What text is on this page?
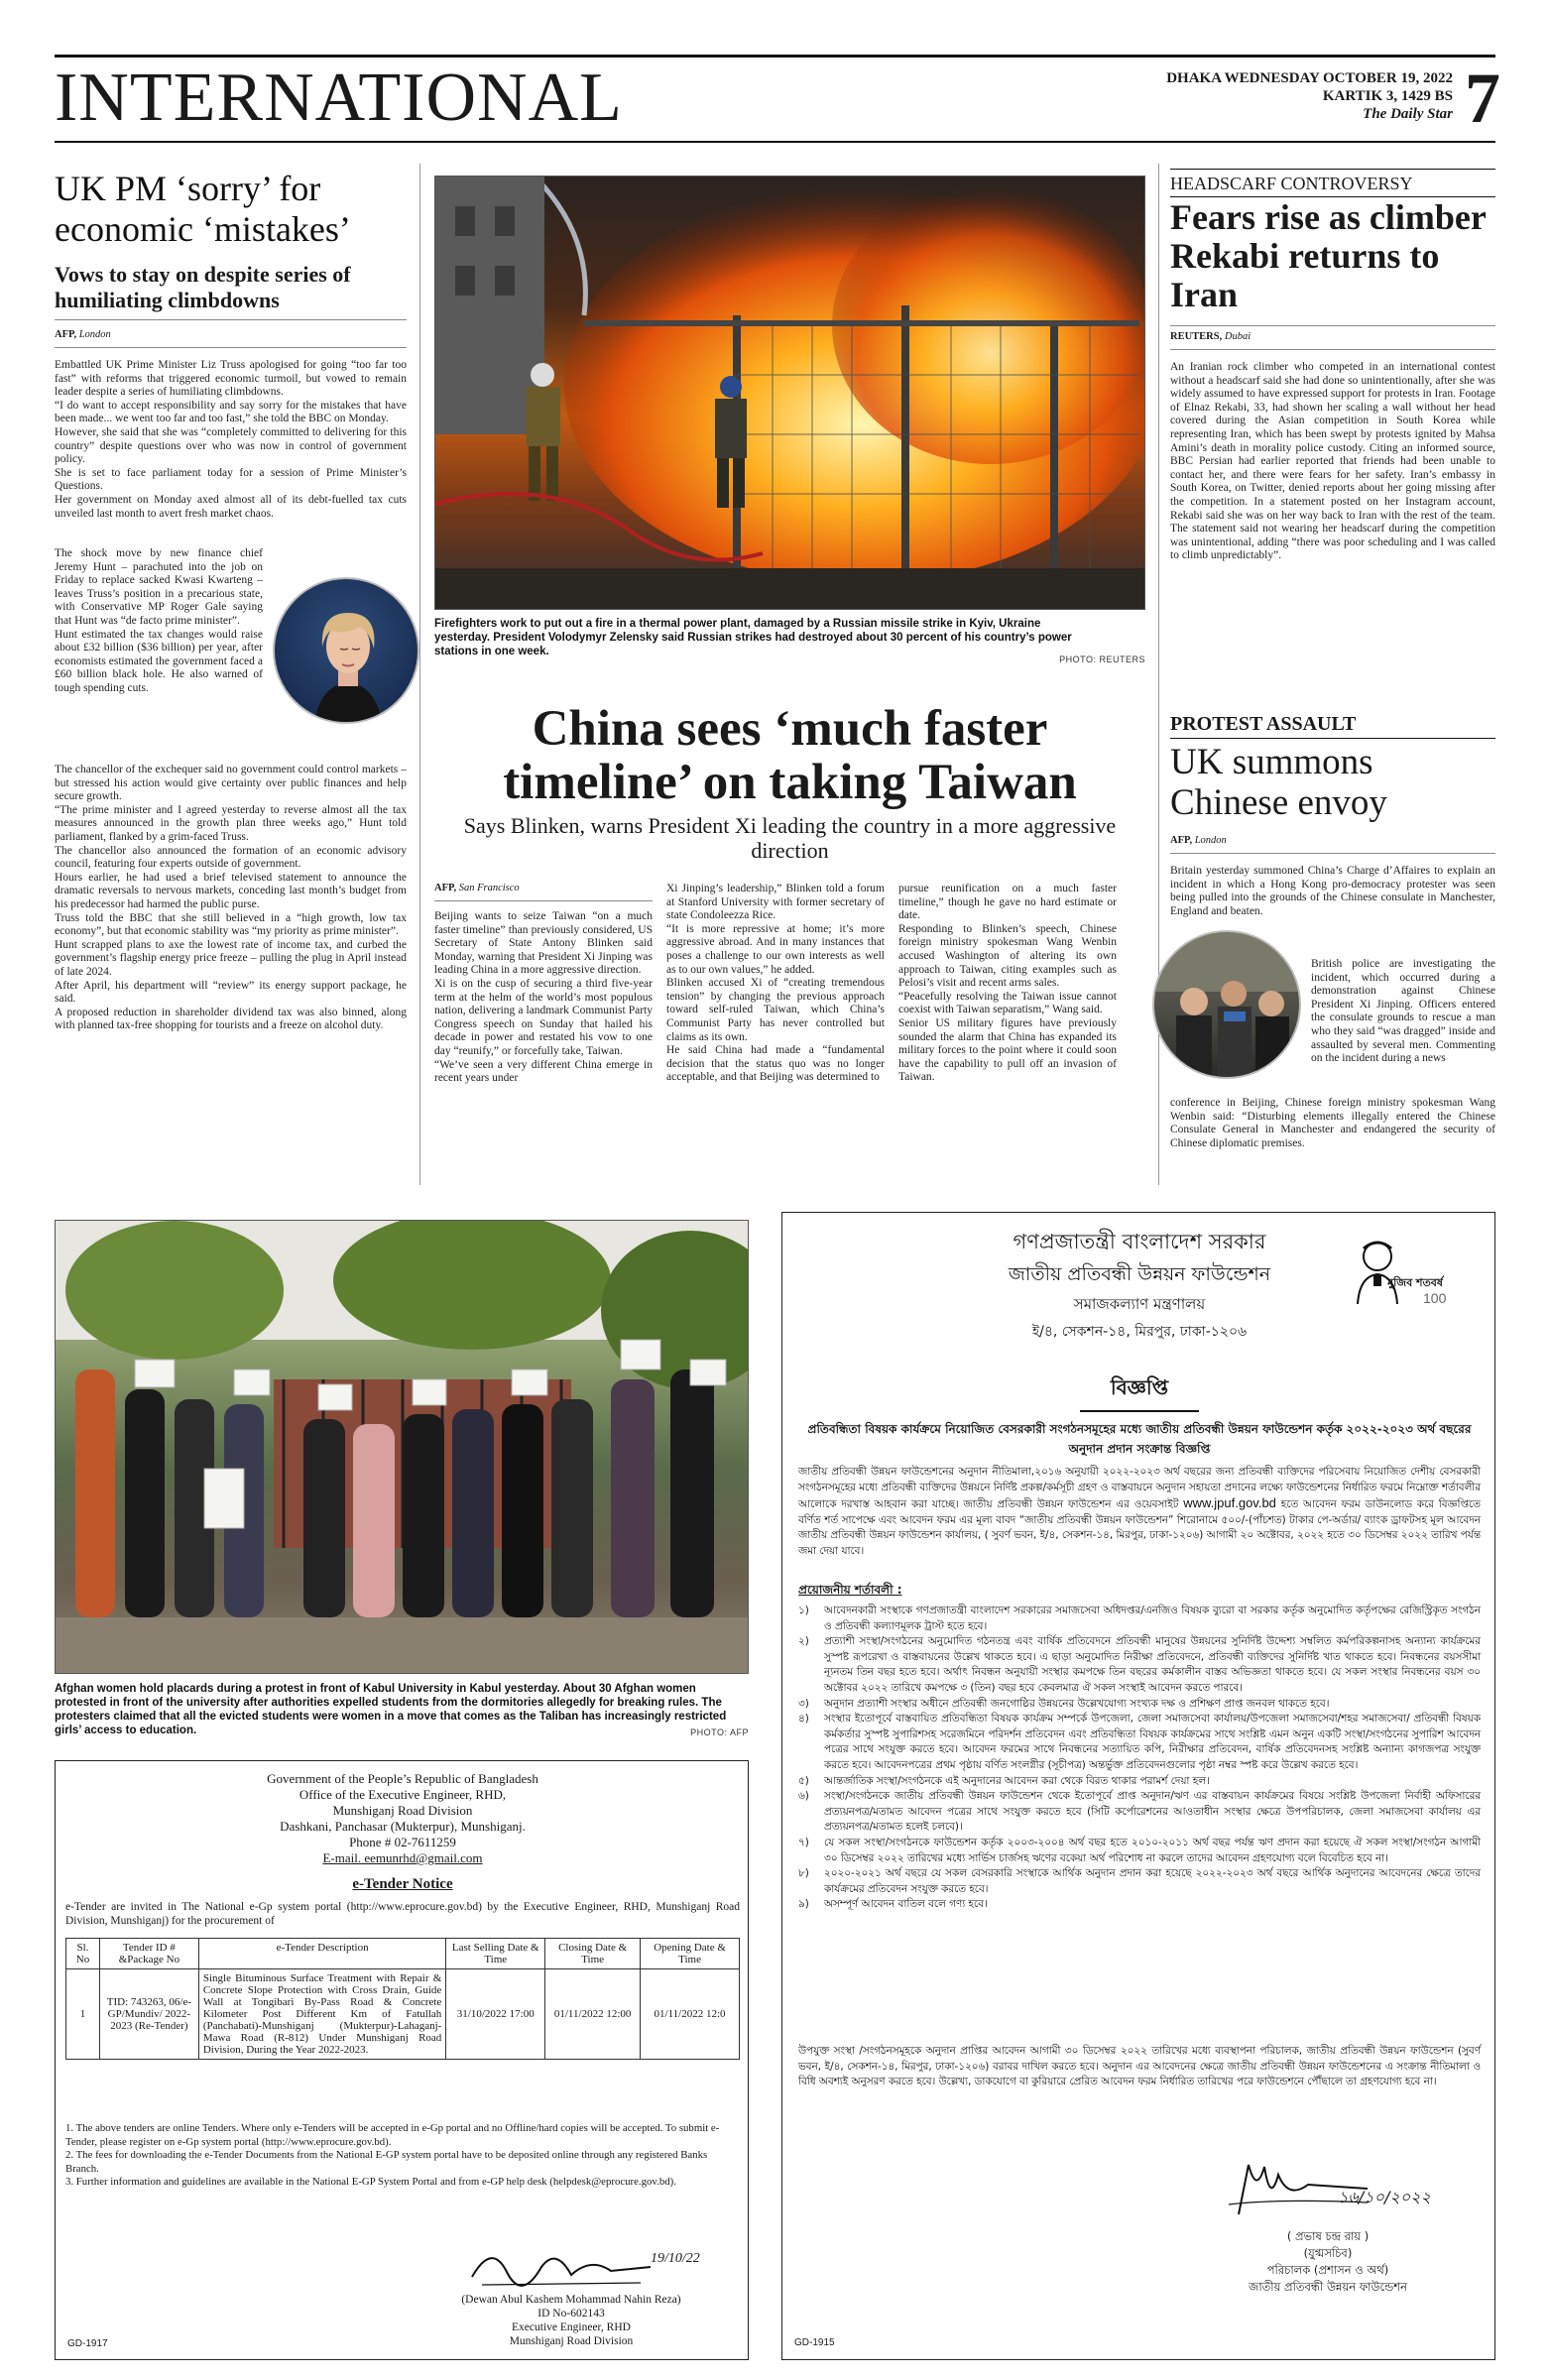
INTERNATIONAL	DHAKA WEDNESDAY OCTOBER 19, 2022
KARTIK 3, 1429 BS
The Daily Star 7
UK PM ‘sorry’ for economic ‘mistakes’
Vows to stay on despite series of humiliating climbdowns
AFP, London

Embattled UK Prime Minister Liz Truss apologised for going “too far too fast” with reforms that triggered economic turmoil, but vowed to remain leader despite a series of humiliating climbdowns.

“I do want to accept responsibility and say sorry for the mistakes that have been made... we went too far and too fast,” she told the BBC on Monday.

However, she said that she was “completely committed to delivering for this country” despite questions over who was now in control of government policy.

She is set to face parliament today for a session of Prime Minister’s Questions.

Her government on Monday axed almost all of its debt-fuelled tax cuts unveiled last month to avert fresh market chaos.

The shock move by new finance chief Jeremy Hunt – parachuted into the job on Friday to replace sacked Kwasi Kwarteng – leaves Truss’s position in a precarious state, with Conservative MP Roger Gale saying that Hunt was “de facto prime minister”.

Hunt estimated the tax changes would raise about £32 billion ($36 billion) per year, after economists estimated the government faced a £60 billion black hole. He also warned of tough spending cuts.

The chancellor of the exchequer said no government could control markets – but stressed his action would give certainty over public finances and help secure growth.

“The prime minister and I agreed yesterday to reverse almost all the tax measures announced in the growth plan three weeks ago,” Hunt told parliament, flanked by a grim-faced Truss.

The chancellor also announced the formation of an economic advisory council, featuring four experts outside of government.

Hours earlier, he had used a brief televised statement to announce the dramatic reversals to nervous markets, conceding last month’s budget from his predecessor had harmed the public purse.

Truss told the BBC that she still believed in a “high growth, low tax economy”, but that economic stability was “my priority as prime minister”.

Hunt scrapped plans to axe the lowest rate of income tax, and curbed the government’s flagship energy price freeze – pulling the plug in April instead of late 2024.

After April, his department will “review” its energy support package, he said.

A proposed reduction in shareholder dividend tax was also binned, along with planned tax-free shopping for tourists and a freeze on alcohol duty.

Firefighters work to put out a fire in a thermal power plant, damaged by a Russian missile strike in Kyiv, Ukraine yesterday. President Volodymyr Zelensky said Russian strikes had destroyed about 30 percent of his country’s power stations in one week.
PHOTO: REUTERS
China sees ‘much faster timeline’ on taking Taiwan
Says Blinken, warns President Xi leading the country in a more aggressive direction
AFP, San Francisco

Beijing wants to seize Taiwan “on a much faster timeline” than previously considered, US Secretary of State Antony Blinken said Monday, warning that President Xi Jinping was leading China in a more aggressive direction.

Xi is on the cusp of securing a third five-year term at the helm of the world’s most populous nation, delivering a landmark Communist Party Congress speech on Sunday that hailed his decade in power and restated his vow to one day “reunify,” or forcefully take, Taiwan.

“We’ve seen a very different China emerge in recent years under

Xi Jinping’s leadership,” Blinken told a forum at Stanford University with former secretary of state Condoleezza Rice.

“It is more repressive at home; it’s more aggressive abroad. And in many instances that poses a challenge to our own interests as well as to our own values,” he added.

Blinken accused Xi of “creating tremendous tension” by changing the previous approach toward self-ruled Taiwan, which China’s Communist Party has never controlled but claims as its own.

He said China had made a “fundamental decision that the status quo was no longer acceptable, and that Beijing was determined to

pursue reunification on a much faster timeline,” though he gave no hard estimate or date.

Responding to Blinken’s speech, Chinese foreign ministry spokesman Wang Wenbin accused Washington of altering its own approach to Taiwan, citing examples such as Pelosi’s visit and recent arms sales.

“Peacefully resolving the Taiwan issue cannot coexist with Taiwan separatism,” Wang said.

Senior US military figures have previously sounded the alarm that China has expanded its military forces to the point where it could soon have the capability to pull off an invasion of Taiwan.

HEADSCARF CONTROVERSY
Fears rise as climber Rekabi returns to Iran
REUTERS, Dubai
An Iranian rock climber who competed in an international contest without a headscarf said she had done so unintentionally, after she was widely assumed to have expressed support for protests in Iran. Footage of Elnaz Rekabi, 33, had shown her scaling a wall without her head covered during the Asian competition in South Korea while representing Iran, which has been swept by protests ignited by Mahsa Amini’s death in morality police custody. Citing an informed source, BBC Persian had earlier reported that friends had been unable to contact her, and there were fears for her safety. Iran’s embassy in South Korea, on Twitter, denied reports about her going missing after the competition. In a statement posted on her Instagram account, Rekabi said she was on her way back to Iran with the rest of the team. The statement said not wearing her headscarf during the competition was unintentional, adding “there was poor scheduling and I was called to climb unpredictably”.
PROTEST ASSAULT
UK summons Chinese envoy
AFP, London
Britain yesterday summoned China’s Charge d’Affaires to explain an incident in which a Hong Kong pro-democracy protester was seen being pulled into the grounds of the Chinese consulate in Manchester, England and beaten.
British police are investigating the incident, which occurred during a demonstration against Chinese President Xi Jinping. Officers entered the consulate grounds to rescue a man who they said “was dragged” inside and assaulted by several men. Commenting on the incident during a news
conference in Beijing, Chinese foreign ministry spokesman Wang Wenbin said: “Disturbing elements illegally entered the Chinese Consulate General in Manchester and endangered the security of Chinese diplomatic premises.
Afghan women hold placards during a protest in front of Kabul University in Kabul yesterday. About 30 Afghan women protested in front of the university after authorities expelled students from the dormitories allegedly for breaking rules. The protesters claimed that all the evicted students were women in a move that comes as the Taliban has increasingly restricted girls’ access to education.	PHOTO: AFP
Government of the People’s Republic of Bangladesh
Office of the Executive Engineer, RHD,
Munshiganj Road Division
Dashkani, Panchasar (Mukterpur), Munshiganj.
Phone # 02-7611259
E-mail. eemunrhd@gmail.com
e-Tender Notice
e-Tender are invited in The National e-Gp system portal (http://www.eprocure.gov.bd) by the Executive Engineer, RHD, Munshiganj Road Division, Munshiganj) for the procurement of
Sl. No	Tender ID # &Package No	e-Tender Description	Last Selling Date & Time	Closing Date & Time	Opening Date & Time
1	TID: 743263, 06/e-GP/Mundiv/ 2022-2023 (Re-Tender)	Single Bituminous Surface Treatment with Repair & Concrete Slope Protection with Cross Drain, Guide Wall at Tongibari By-Pass Road & Concrete Kilometer Post Different Km of Fatullah (Panchabati)-Munshiganj (Mukterpur)-Lahaganj-Mawa Road (R-812) Under Munshiganj Road Division, During the Year 2022-2023.	31/10/2022 17:00	01/11/2022 12:00	01/11/2022 12:0
1. The above tenders are online Tenders. Where only e-Tenders will be accepted in e-Gp portal and no Offline/hard copies will be accepted. To submit e-Tender, please register on e-Gp system portal (http://www.eprocure.gov.bd).
2. The fees for downloading the e-Tender Documents from the National E-GP system portal have to be deposited online through any registered Banks Branch.
3. Further information and guidelines are available in the National E-GP System Portal and from e-GP help desk (helpdesk@eprocure.gov.bd).
19/10/22
(Dewan Abul Kashem Mohammad Nahin Reza)
ID No-602143
Executive Engineer, RHD
Munshiganj Road Division
GD-1917
গণপ্রজাতন্ত্রী বাংলাদেশ সরকার
জাতীয় প্রতিবন্ধী উন্নয়ন ফাউন্ডেশন
সমাজকল্যাণ মন্ত্রণালয়
ই/৪, সেকশন-১৪, মিরপুর, ঢাকা-১২০৬
মুজিব শতবর্ষ
100
বিজ্ঞপ্তি
প্রতিবন্ধিতা বিষয়ক কার্যক্রমে নিয়োজিত বেসরকারী সংগঠনসমূহের মধ্যে জাতীয় প্রতিবন্ধী উন্নয়ন ফাউন্ডেশন কর্তৃক ২০২২-২০২৩ অর্থ বছরের অনুদান প্রদান সংক্রান্ত বিজ্ঞপ্তি
জাতীয় প্রতিবন্ধী উন্নয়ন ফাউন্ডেশনের অনুদান নীতিমালা,২০১৬ অনুযায়ী ২০২২-২০২৩ অর্থ বছরের জন্য প্রতিবন্ধী ব্যক্তিদের পরিসেবায় নিয়োজিত দেশীয় বেসরকারী সংগঠনসমূহের মধ্যে প্রতিবন্ধী ব্যক্তিদের উন্নয়নে নির্দিষ্ট প্রকল্প/কর্মসূচী গ্রহণ ও বাস্তবায়নে অনুদান সহায়তা প্রদানের লক্ষ্যে ফাউন্ডেশনের নির্ধারিত ফরমে নিম্নোক্ত শর্তাবলীর আলোকে দরখাস্ত আহবান করা যাচ্ছে। জাতীয় প্রতিবন্ধী উন্নয়ন ফাউন্ডেশন এর ওয়েবসাইট www.jpuf.gov.bd হতে আবেদন ফরম ডাউনলোড করে বিজ্ঞপ্তিতে বর্ণিত শর্ত সাপেক্ষে এবং আবেদন ফরম এর মূল্য বাবদ “জাতীয় প্রতিবন্ধী উন্নয়ন ফাউন্ডেশন” শিরোনামে ৫০০/-(পাঁচশত) টাকার পে-অর্ডার/ ব্যাংক ড্রাফটসহ মূল আবেদন জাতীয় প্রতিবন্ধী উন্নয়ন ফাউন্ডেশন কার্যালয়, ( সুবর্ণ ভবন, ই/৪, সেকশন-১৪, মিরপুর, ঢাকা-১২০৬) আগামী ২০ অক্টোবর, ২০২২ হতে ৩০ ডিসেম্বর ২০২২ তারিখ পর্যন্ত জমা দেয়া যাবে।
প্রয়োজনীয় শর্তাবলী :
১)	আবেদনকারী সংস্থাকে গণপ্রজাতন্ত্রী বাংলাদেশ সরকারের সমাজসেবা অধিদপ্তর/এনজিও বিষয়ক ব্যুরো বা সরকার কর্তৃক অনুমোদিত কর্তৃপক্ষের রেজিস্ট্রিকৃত সংগঠন ও প্রতিবন্ধী কল্যাণমূলক ট্রাস্ট হতে হবে।
২)	প্রত্যাশী সংস্থা/সংগঠনের অনুমোদিত গঠনতন্ত্র এবং বার্ষিক প্রতিবেদনে প্রতিবন্ধী মানুষের উন্নয়নের সুনির্দিষ্ট উদ্দেশ্য সম্বলিত কর্মপরিকল্পনাসহ অন্যান্য কার্যক্রমের সুস্পষ্ট রূপরেখা ও বাস্তবায়নের উল্লেখ থাকতে হবে। এ ছাড়া অনুমোদিত নিরীক্ষা প্রতিবেদনে, প্রতিবন্ধী ব্যক্তিদের সুনির্দিষ্ট খাত থাকতে হবে। নিবন্ধনের বয়সসীমা ন্যূনতম তিন বছর হতে হবে। অর্থাৎ নিবন্ধন অনুযায়ী সংস্থার কমপক্ষে তিন বছরের কর্মকালীন বাস্তব অভিজ্ঞতা থাকতে হবে। যে সকল সংস্থার নিবন্ধনের বয়স ৩০ অক্টোবর ২০২২ তারিখে কমপক্ষে ৩ (তিন) বছর হবে কেবলমাত্র ঐ সকল সংস্থাই আবেদন করতে পারবে।
৩)	অনুদান প্রত্যাশী সংস্থার অধীনে প্রতিবন্ধী জনগোষ্ঠির উন্নয়নের উল্লেখযোগ্য সংখ্যক দক্ষ ও প্রশিক্ষণ প্রাপ্ত জনবল থাকতে হবে।
৪)	সংস্থার ইতোপূর্বে বাস্তবায়িত প্রতিবন্ধিতা বিষয়ক কার্যক্রম সম্পর্কে উপজেলা, জেলা সমাজসেবা কার্যালয়/উপজেলা সমাজসেবা/শহর সমাজসেবা/ প্রতিবন্ধী বিষয়ক কর্মকর্তার সুস্পষ্ট সুপারিশসহ সরেজমিনে পরিদর্শন প্রতিবেদন এবং প্রতিবন্ধিতা বিষয়ক কার্যক্রমের সাথে সংশ্লিষ্ট এমন অনুন একটি সংস্থা/সংগঠনের সুপারিশ আবেদন পত্রের সাথে সংযুক্ত করতে হবে। আবেদন ফরমের সাথে নিবন্ধনের সত্যায়িত কপি, নিরীক্ষার প্রতিবেদন, বার্ষিক প্রতিবেদনসহ সংশ্লিষ্ট অন্যান্য কাগজপত্র সংযুক্ত করতে হবে। আবেদনপত্রের প্রথম পৃষ্ঠায় বর্ণিত সংলগ্নীর (সূচীপত্র) অন্তর্ভুক্ত প্রতিবেদনগুলোর পৃষ্ঠা নম্বর স্পষ্ট করে উল্লেখ করতে হবে।
৫)	আন্তর্জাতিক সংস্থা/সংগঠনকে এই অনুদানের আবেদন করা থেকে বিরত থাকার পরামর্শ দেয়া হল।
৬)	সংস্থা/সংগঠনকে জাতীয় প্রতিবন্ধী উন্নয়ন ফাউন্ডেশন থেকে ইতোপূর্বে প্রাপ্ত অনুদান/ঋণ এর বাস্তবায়ন কার্যক্রমের বিষয়ে সংশ্লিষ্ট উপজেলা নির্বাহী অফিসারের প্রত্যয়নপত্র/মতামত আবেদন পত্রের সাথে সংযুক্ত করতে হবে (সিটি কর্পোরেশনের আওতাধীন সংস্থার ক্ষেত্রে উপপরিচালক, জেলা সমাজসেবা কার্যালয় এর প্রত্যয়নপত্র/মতামত হলেই চলবে)।
৭)	যে সকল সংস্থা/সংগঠনকে ফাউন্ডেশন কর্তৃক ২০০৩-২০০৪ অর্থ বছর হতে ২০১০-২০১১ অর্থ বছর পর্যন্ত ঋণ প্রদান করা হয়েছে ঐ সকল সংস্থা/সংগঠন আগামী ৩০ ডিসেম্বর ২০২২ তারিখের মধ্যে সার্ভিস চার্জসহ ঋণের বকেয়া অর্থ পরিশোধ না করলে তাদের আবেদন গ্রহণযোগ্য বলে বিবেচিত হবে না।
৮)	২০২০-২০২১ অর্থ বছরে যে সকল বেসরকারি সংস্থাকে আর্থিক অনুদান প্রদান করা হয়েছে ২০২২-২০২৩ অর্থ বছরে আর্থিক অনুদানের আবেদনের ক্ষেত্রে তাদের কার্যক্রমের প্রতিবেদন সংযুক্ত করতে হবে।
৯)	অসম্পূর্ণ আবেদন বাতিল বলে গণ্য হবে।
উপযুক্ত সংস্থা /সংগঠনসমূহকে অনুদান প্রাপ্তির আবেদন আগামী ৩০ ডিসেম্বর ২০২২ তারিখের মধ্যে ব্যবস্থাপনা পরিচালক, জাতীয় প্রতিবন্ধী উন্নয়ন ফাউন্ডেশন (সুবর্ণ ভবন, ই/৪, সেকশন-১৪, মিরপুর, ঢাকা-১২০৬) বরাবর দাখিল করতে হবে। অনুদান এর আবেদনের ক্ষেত্রে জাতীয় প্রতিবন্ধী উন্নয়ন ফাউন্ডেশনের এ সংক্রান্ত নীতিমালা ও বিধি অবশ্যই অনুসরণ করতে হবে। উল্লেখ্য, ডাকযোগে বা কুরিয়ারে প্রেরিত আবেদন ফরম নির্ধারিত তারিখের পরে ফাউন্ডেশনে পৌঁছালে তা গ্রহণযোগ্য হবে না।
১৬/১০/২০২২
( প্রভাষ চন্দ্র রায় )
(যুগ্মসচিব)
পরিচালক (প্রশাসন ও অর্থ)
জাতীয় প্রতিবন্ধী উন্নয়ন ফাউন্ডেশন
GD-1915
